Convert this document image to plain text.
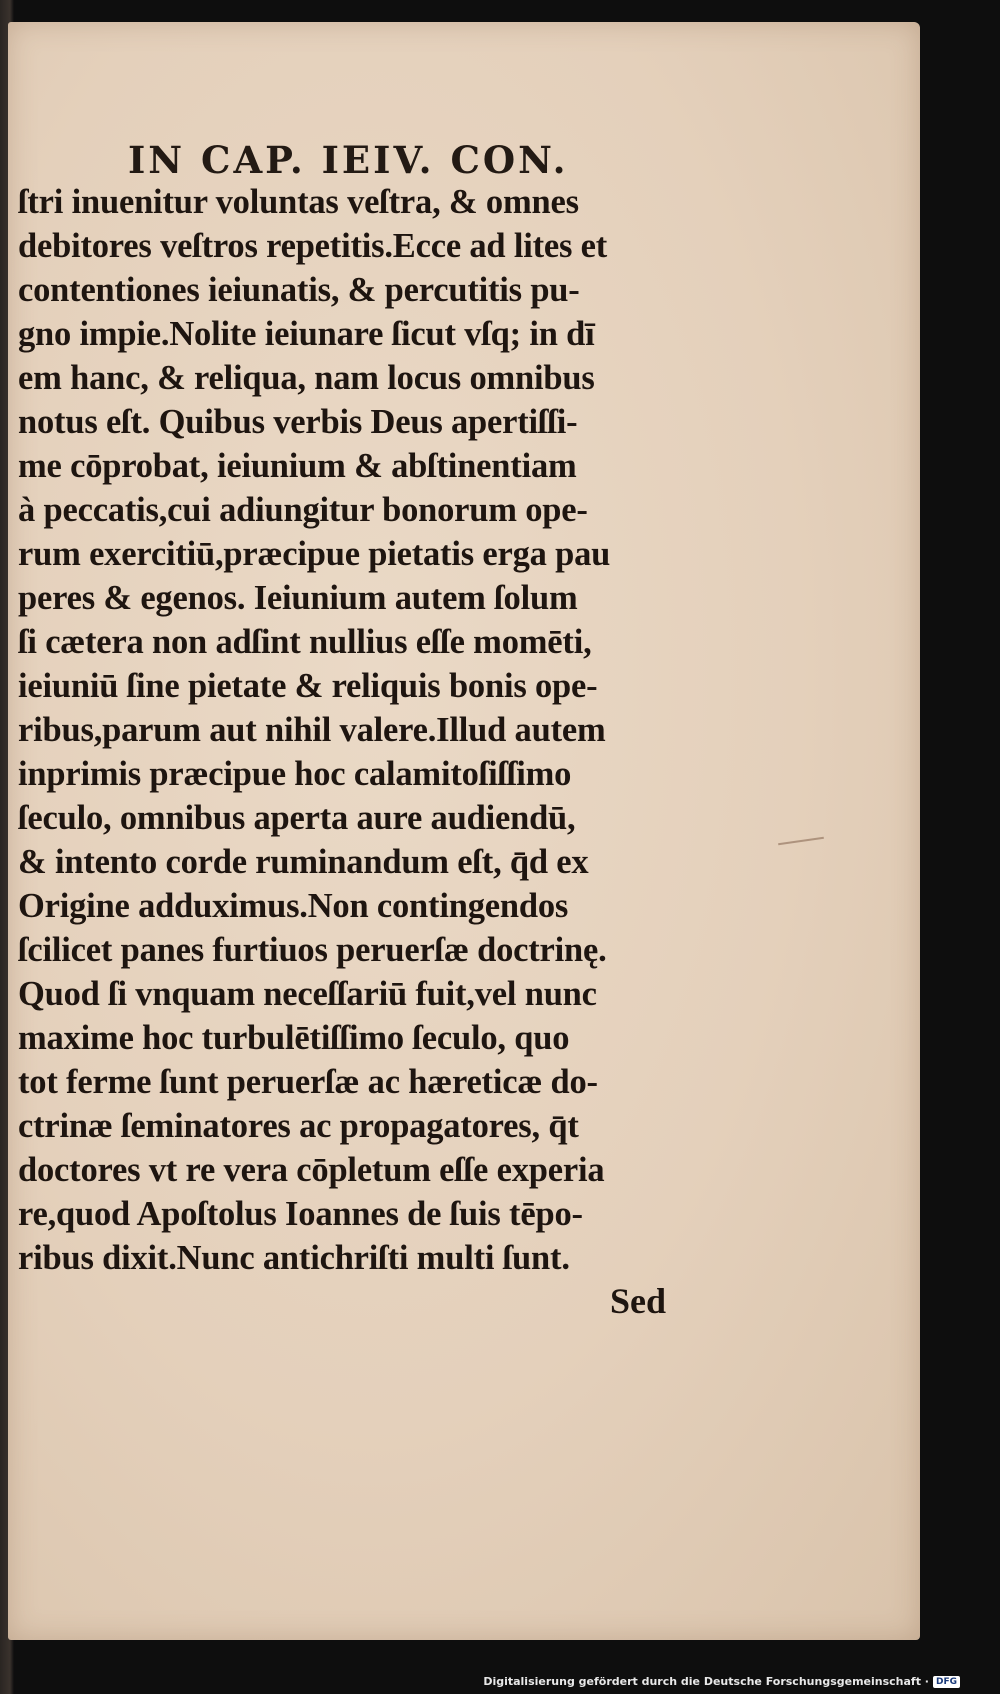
IN CAP. IEIV. CON.
ſtri inuenitur voluntas veſtra, & omnes
debitores veſtros repetitis.Ecce ad lites et
contentiones ieiunatis, & percutitis pu-
gno impie.Nolite ieiunare ſicut vſq; in dī
em hanc, & reliqua, nam locus omnibus
notus eſt. Quibus verbis Deus apertiſſi-
me cōprobat, ieiunium & abſtinentiam
à peccatis,cui adiungitur bonorum ope-
rum exercitiū,præcipue pietatis erga pau
peres & egenos. Ieiunium autem ſolum
ſi cætera non adſint nullius eſſe momēti,
ieiuniū ſine pietate & reliquis bonis ope-
ribus,parum aut nihil valere.Illud autem
inprimis præcipue hoc calamitoſiſſimo
ſeculo, omnibus aperta aure audiendū,
& intento corde ruminandum eſt, q̄d ex
Origine adduximus.Non contingendos
ſcilicet panes furtiuos peruerſæ doctrinę.
Quod ſi vnquam neceſſariū fuit,vel nunc
maxime hoc turbulētiſſimo ſeculo, quo
tot ferme ſunt peruerſæ ac hæreticæ do-
ctrinæ ſeminatores ac propagatores, q̄t
doctores vt re vera cōpletum eſſe experia
re,quod Apoſtolus Ioannes de ſuis tēpo-
ribus dixit.Nunc antichriſti multi ſunt.
Sed
Digitalisierung gefördert durch die Deutsche Forschungsgemeinschaft · DFG
